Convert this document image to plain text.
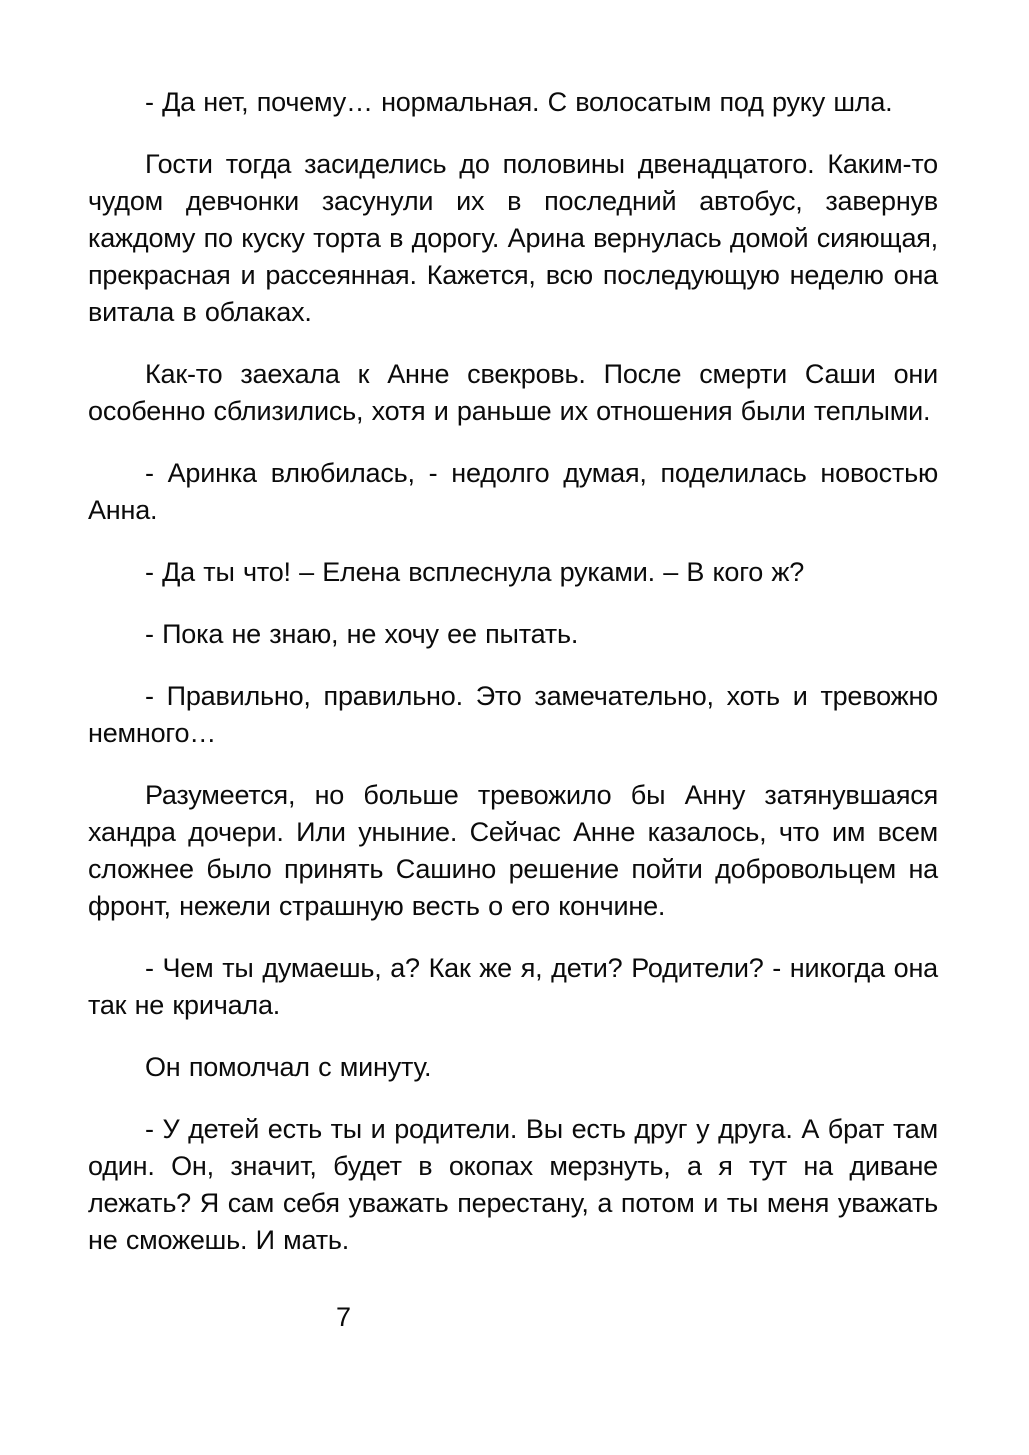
- Да нет, почему… нормальная. С волосатым под руку шла.

Гости тогда засиделись до половины двенадцатого. Каким-то чудом девчонки засунули их в последний автобус, завернув каждому по куску торта в дорогу. Арина вернулась домой сияющая, прекрасная и рассеянная. Кажется, всю последующую неделю она витала в облаках.

Как-то заехала к Анне свекровь. После смерти Саши они особенно сблизились, хотя и раньше их отношения были теплыми.

- Аринка влюбилась, - недолго думая, поделилась новостью Анна.

- Да ты что! – Елена всплеснула руками. – В кого ж?

- Пока не знаю, не хочу ее пытать.

- Правильно, правильно. Это замечательно, хоть и тревожно немного…

Разумеется, но больше тревожило бы Анну затянувшаяся хандра дочери. Или уныние. Сейчас Анне казалось, что им всем сложнее было принять Сашино решение пойти добровольцем на фронт, нежели страшную весть о его кончине.

- Чем ты думаешь, а? Как же я, дети? Родители? - никогда она так не кричала.

Он помолчал с минуту.

- У детей есть ты и родители. Вы есть друг у друга. А брат там один. Он, значит, будет в окопах мерзнуть, а я тут на диване лежать? Я сам себя уважать перестану, а потом и ты меня уважать не сможешь. И мать.

7
